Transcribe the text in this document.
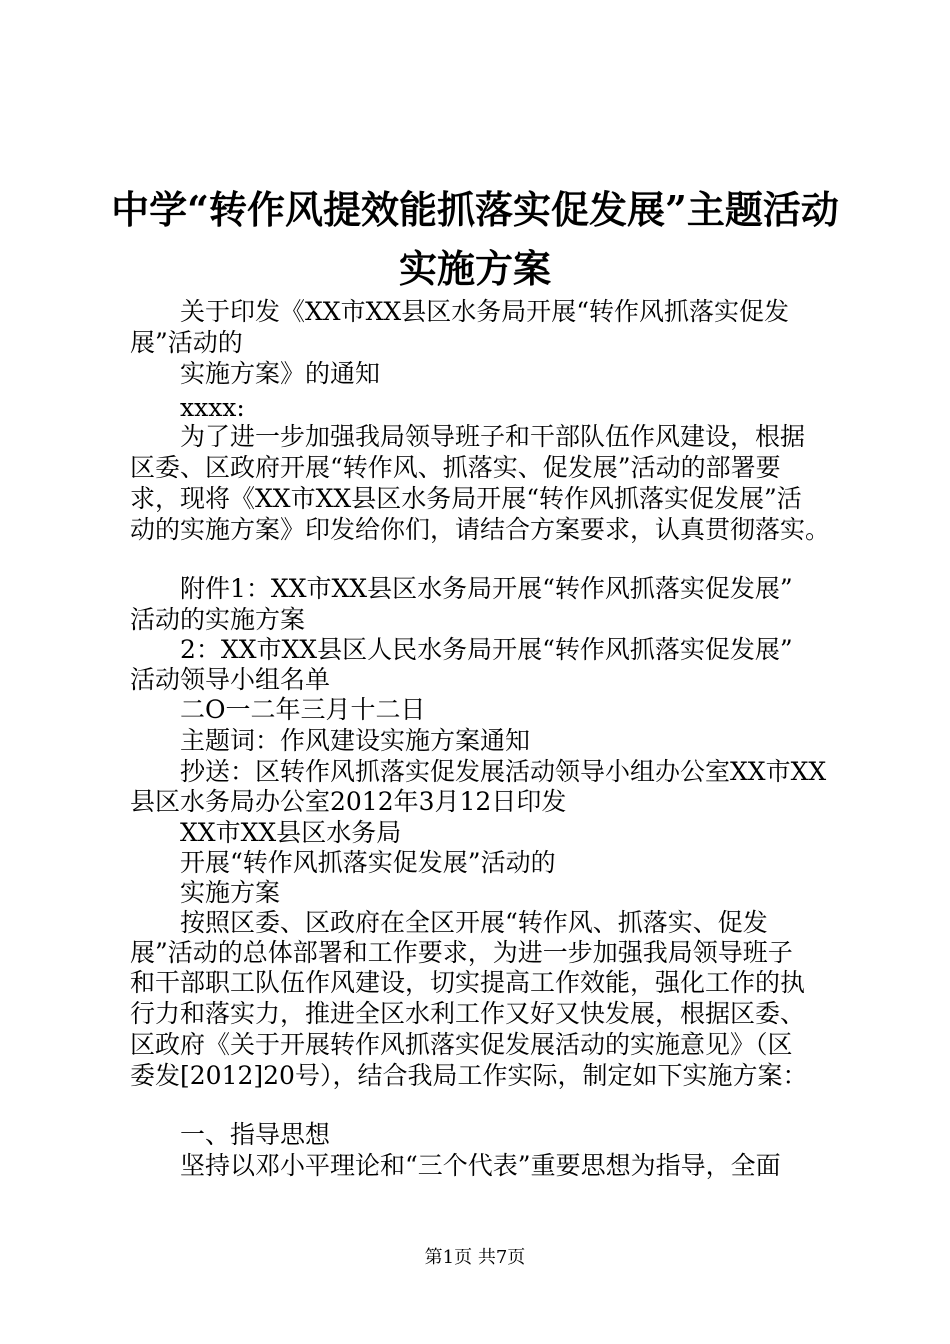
中学“转作风提效能抓落实促发展”主题活动
实施方案
关于印发《XX市XX县区水务局开展“转作风抓落实促发
展”活动的
实施方案》的通知
xxxx:
为了进一步加强我局领导班子和干部队伍作风建设，根据
区委、区政府开展“转作风、抓落实、促发展”活动的部署要
求，现将《XX市XX县区水务局开展“转作风抓落实促发展”活
动的实施方案》印发给你们，请结合方案要求，认真贯彻落实。
附件1：XX市XX县区水务局开展“转作风抓落实促发展”
活动的实施方案
2：XX市XX县区人民水务局开展“转作风抓落实促发展”
活动领导小组名单
二O一二年三月十二日
主题词：作风建设实施方案通知
抄送：区转作风抓落实促发展活动领导小组办公室XX市XX
县区水务局办公室2012年3月12日印发
XX市XX县区水务局
开展“转作风抓落实促发展”活动的
实施方案
按照区委、区政府在全区开展“转作风、抓落实、促发
展”活动的总体部署和工作要求，为进一步加强我局领导班子
和干部职工队伍作风建设，切实提高工作效能，强化工作的执
行力和落实力，推进全区水利工作又好又快发展，根据区委、
区政府《关于开展转作风抓落实促发展活动的实施意见》（区
委发[2012]20号），结合我局工作实际，制定如下实施方案：
一、指导思想
坚持以邓小平理论和“三个代表”重要思想为指导，全面
第1页 共7页
